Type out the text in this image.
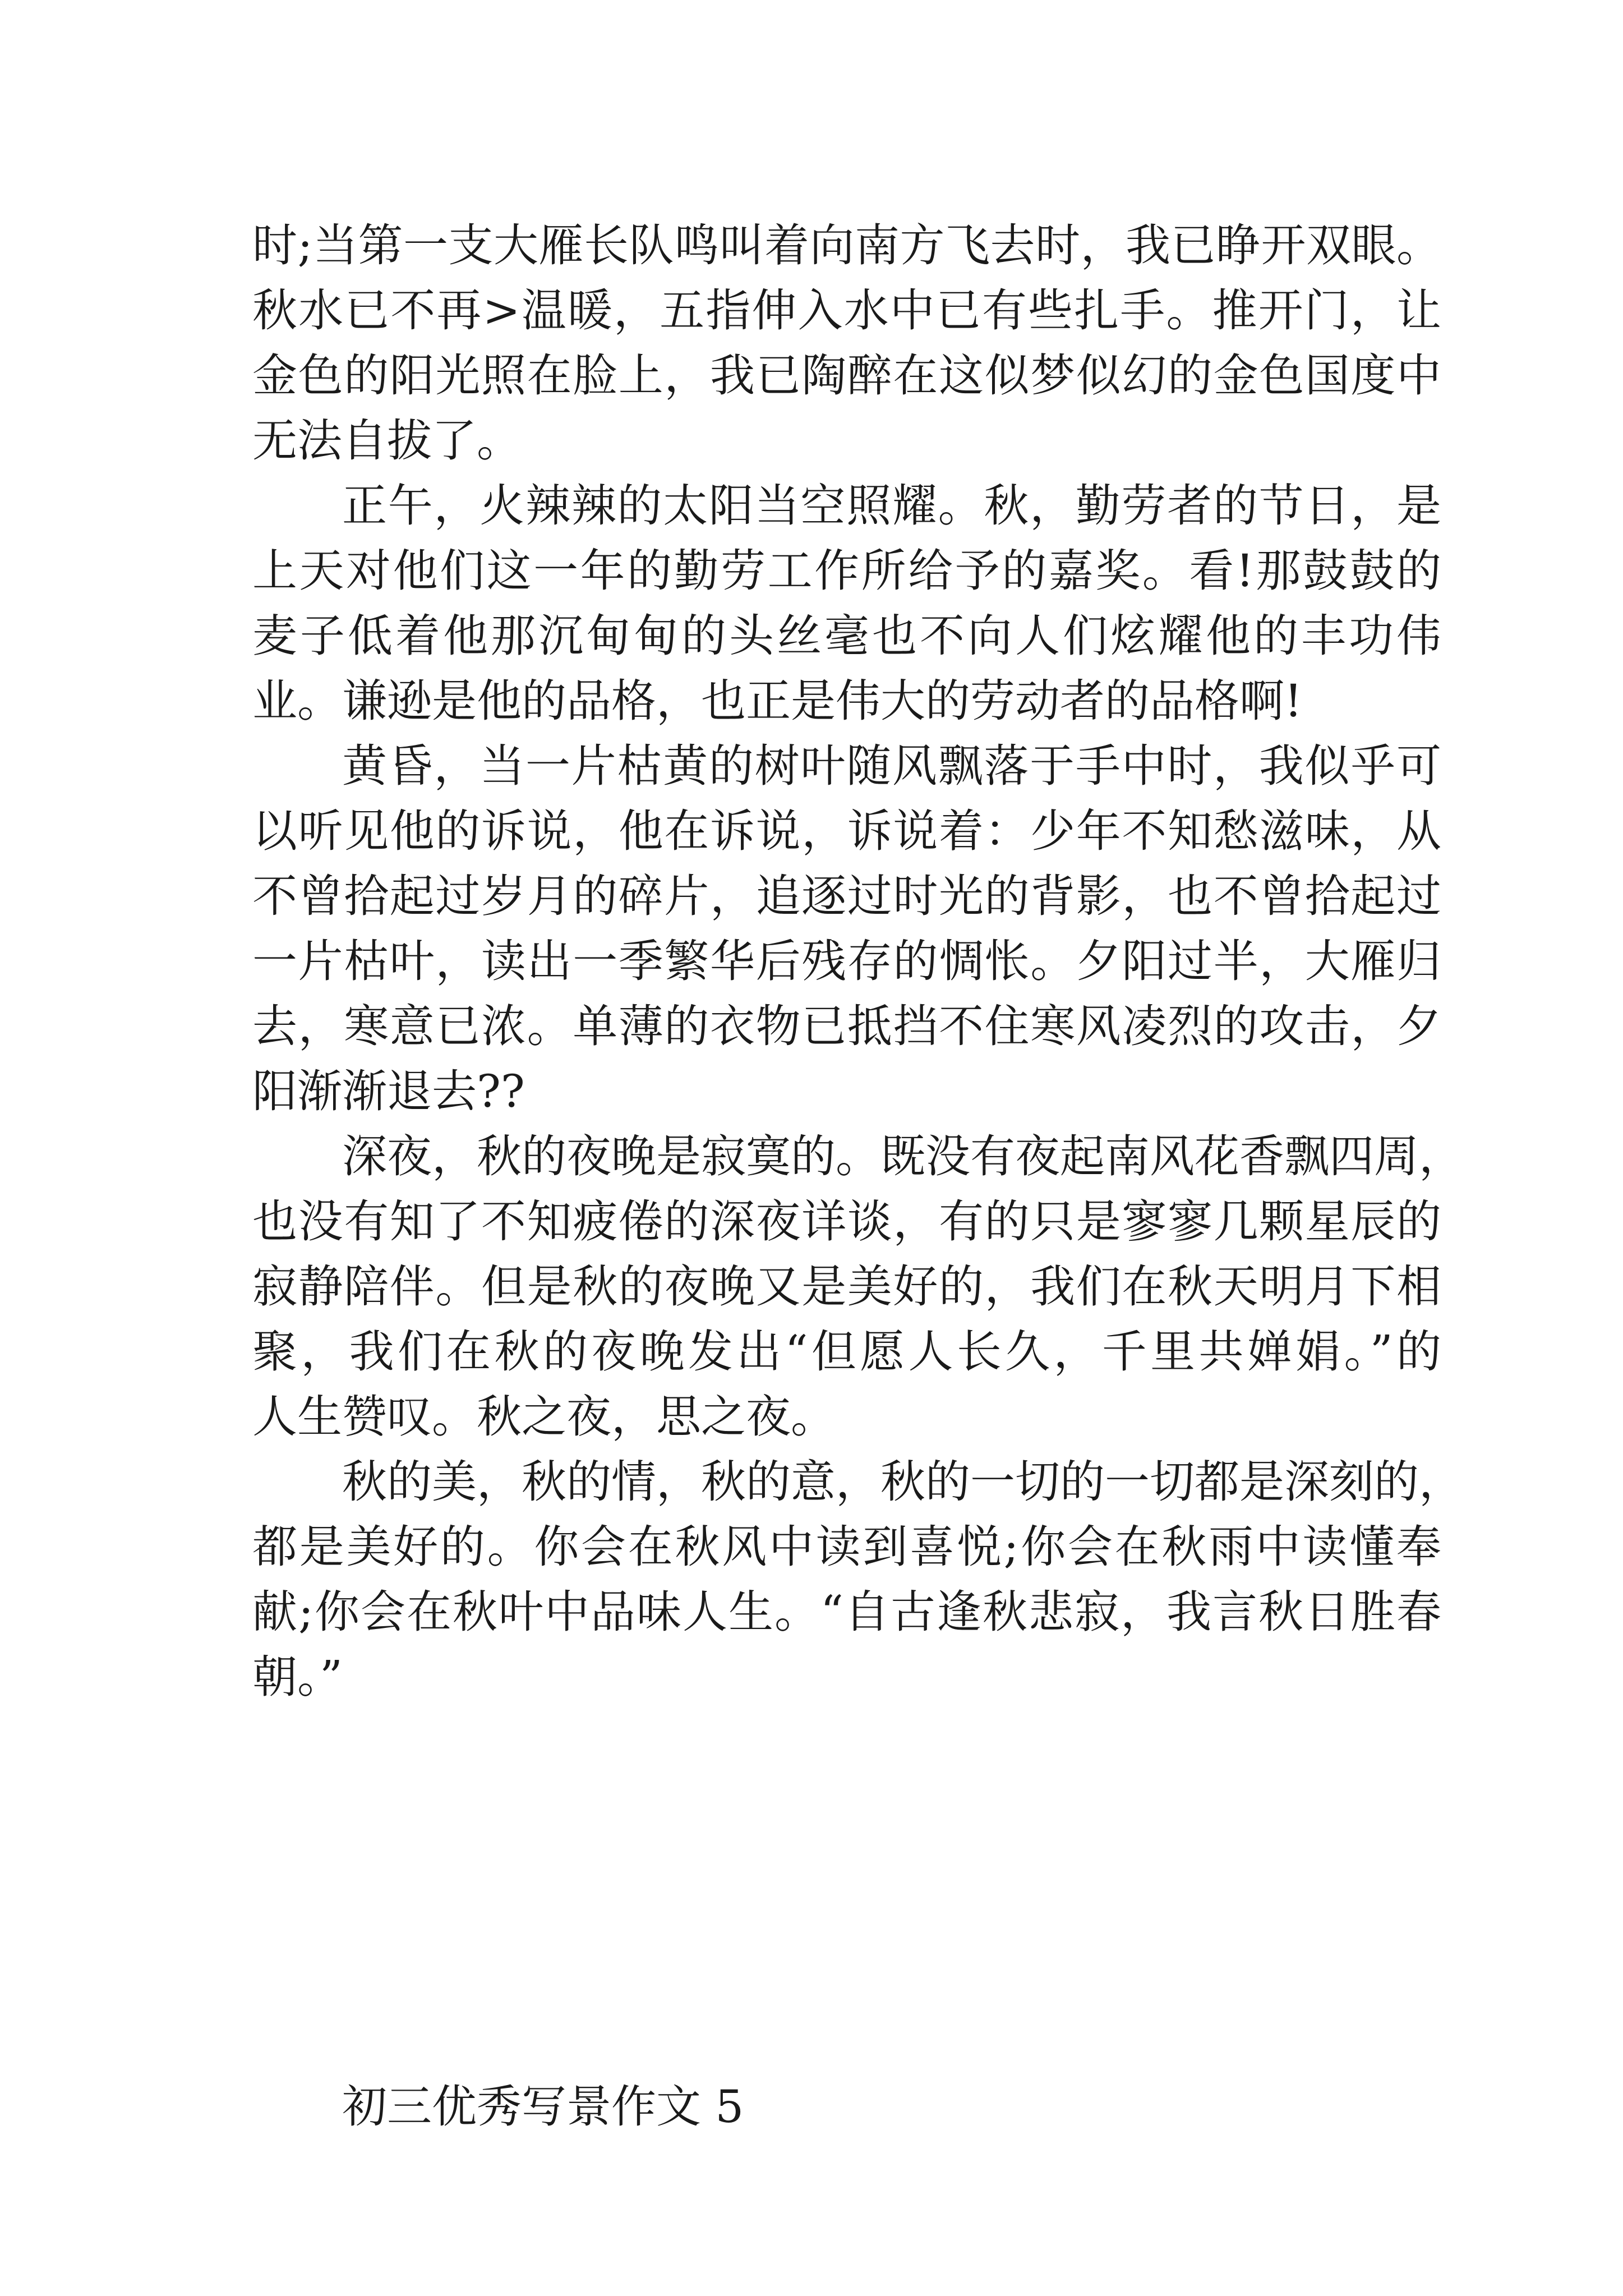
时;当第一支大雁长队鸣叫着向南方飞去时，我已睁开双眼。
秋水已不再>温暖，五指伸入水中已有些扎手。推开门，让
金色的阳光照在脸上，我已陶醉在这似梦似幻的金色国度中
无法自拔了。
正午，火辣辣的太阳当空照耀。秋，勤劳者的节日，是
上天对他们这一年的勤劳工作所给予的嘉奖。看!那鼓鼓的
麦子低着他那沉甸甸的头丝毫也不向人们炫耀他的丰功伟
业。谦逊是他的品格，也正是伟大的劳动者的品格啊!
黄昏，当一片枯黄的树叶随风飘落于手中时，我似乎可
以听见他的诉说，他在诉说，诉说着：少年不知愁滋味，从
不曾拾起过岁月的碎片，追逐过时光的背影，也不曾拾起过
一片枯叶，读出一季繁华后残存的惆怅。夕阳过半，大雁归
去，寒意已浓。单薄的衣物已抵挡不住寒风凌烈的攻击，夕
阳渐渐退去??
深夜，秋的夜晚是寂寞的。既没有夜起南风花香飘四周，
也没有知了不知疲倦的深夜详谈，有的只是寥寥几颗星辰的
寂静陪伴。但是秋的夜晚又是美好的，我们在秋天明月下相
聚，我们在秋的夜晚发出“但愿人长久，千里共婵娟。”的
人生赞叹。秋之夜，思之夜。
秋的美，秋的情，秋的意，秋的一切的一切都是深刻的，
都是美好的。你会在秋风中读到喜悦;你会在秋雨中读懂奉
献;你会在秋叶中品味人生。“自古逢秋悲寂，我言秋日胜春
朝。”
初三优秀写景作文 5
